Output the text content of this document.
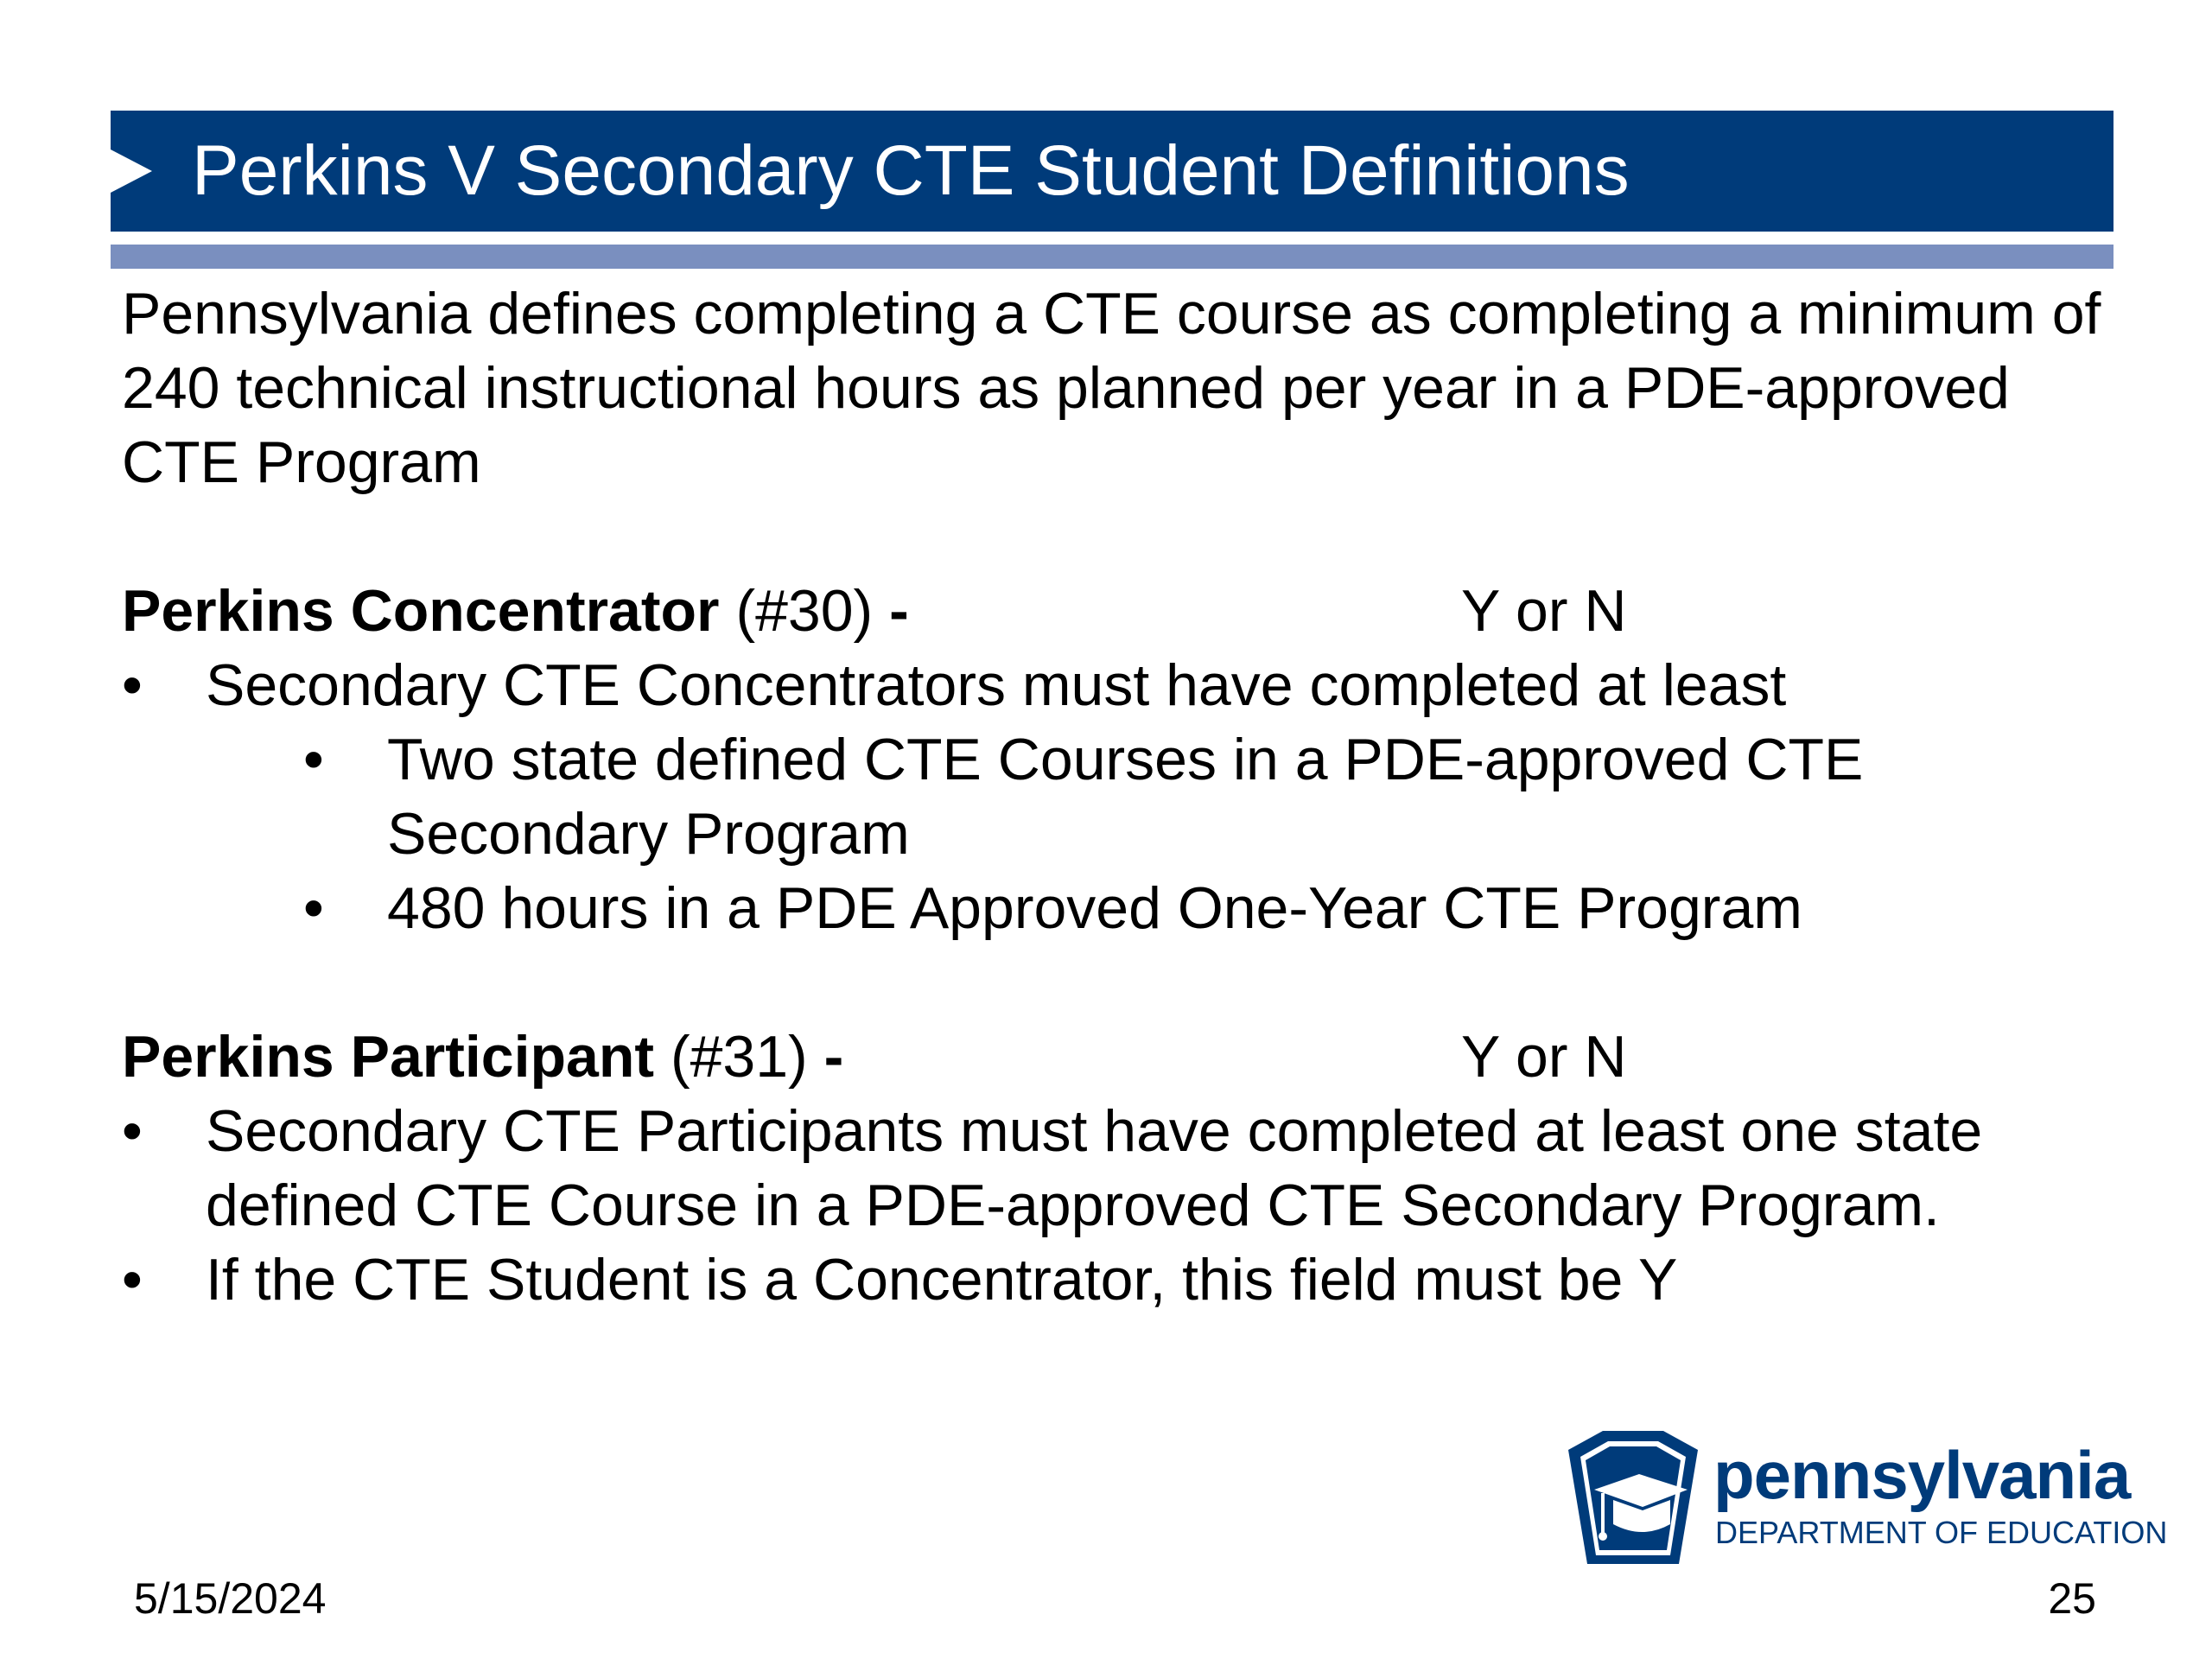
Perkins V Secondary CTE Student Definitions

Pennsylvania defines completing a CTE course as completing a minimum of 240 technical instructional hours as planned per year in a PDE-approved CTE Program

Perkins Concentrator (#30) -	Y or N
• Secondary CTE Concentrators must have completed at least
• Two state defined CTE Courses in a PDE-approved CTE Secondary Program
• 480 hours in a PDE Approved One-Year CTE Program
Perkins Participant (#31) -	Y or N
• Secondary CTE Participants must have completed at least one state defined CTE Course in a PDE-approved CTE Secondary Program.
• If the CTE Student is a Concentrator, this field must be Y
pennsylvania
DEPARTMENT OF EDUCATION
5/15/2024	25
